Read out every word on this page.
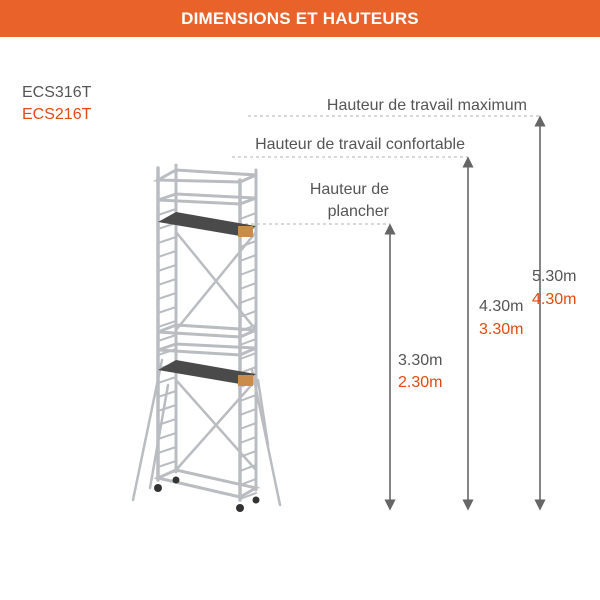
DIMENSIONS ET HAUTEURS
ECS316T
ECS216T
Hauteur de travail maximum
Hauteur de travail confortable
Hauteur de
plancher
5.30m
4.30m
4.30m
3.30m
3.30m
2.30m
